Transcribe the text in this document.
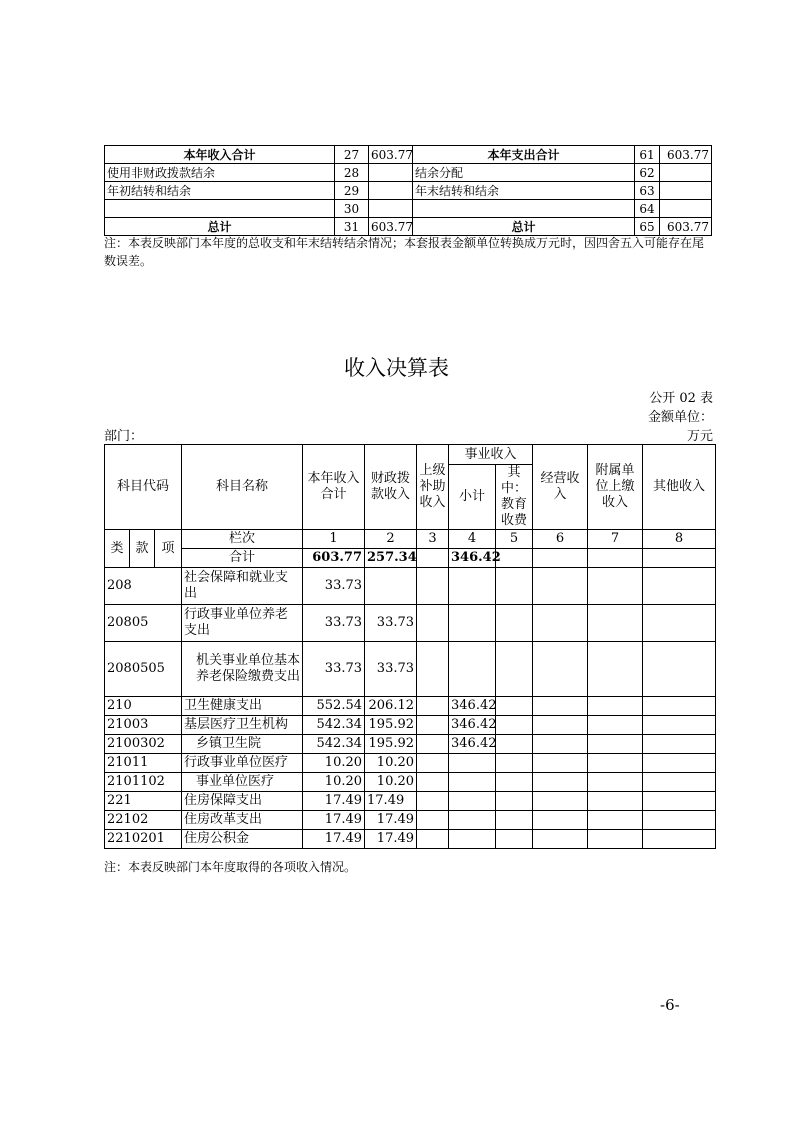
本年收入合计	27	603.77	本年支出合计	61	603.77
使用非财政拨款结余	28		结余分配	62	
年初结转和结余	29		年末结转和结余	63	
	30			64	
总计	31	603.77	总计	65	603.77
注：本表反映部门本年度的总收支和年末结转结余情况；本套报表金额单位转换成万元时，因四舍五入可能存在尾数误差。
收入决算表
公开 02 表
金额单位：
部门：	万元
科目代码			科目名称	本年收入合计	财政拨款收入	上级补助收入	事业收入		经营收入	附属单位上缴收入	其他收入
							小计	其中：教育收费			
类	款	项	栏次	1	2	3	4	5	6	7	8
			合计	603.77	257.34		346.42				
208			社会保障和就业支出	33.73							
20805			行政事业单位养老支出	33.73	33.73						
2080505			机关事业单位基本养老保险缴费支出	33.73	33.73						
210			卫生健康支出	552.54	206.12		346.42				
21003			基层医疗卫生机构	542.34	195.92		346.42				
2100302			乡镇卫生院	542.34	195.92		346.42				
21011			行政事业单位医疗	10.20	10.20						
2101102			事业单位医疗	10.20	10.20						
221			住房保障支出	17.49	17.49						
22102			住房改革支出	17.49	17.49						
2210201			住房公积金	17.49	17.49						
注：本表反映部门本年度取得的各项收入情况。
-6-
